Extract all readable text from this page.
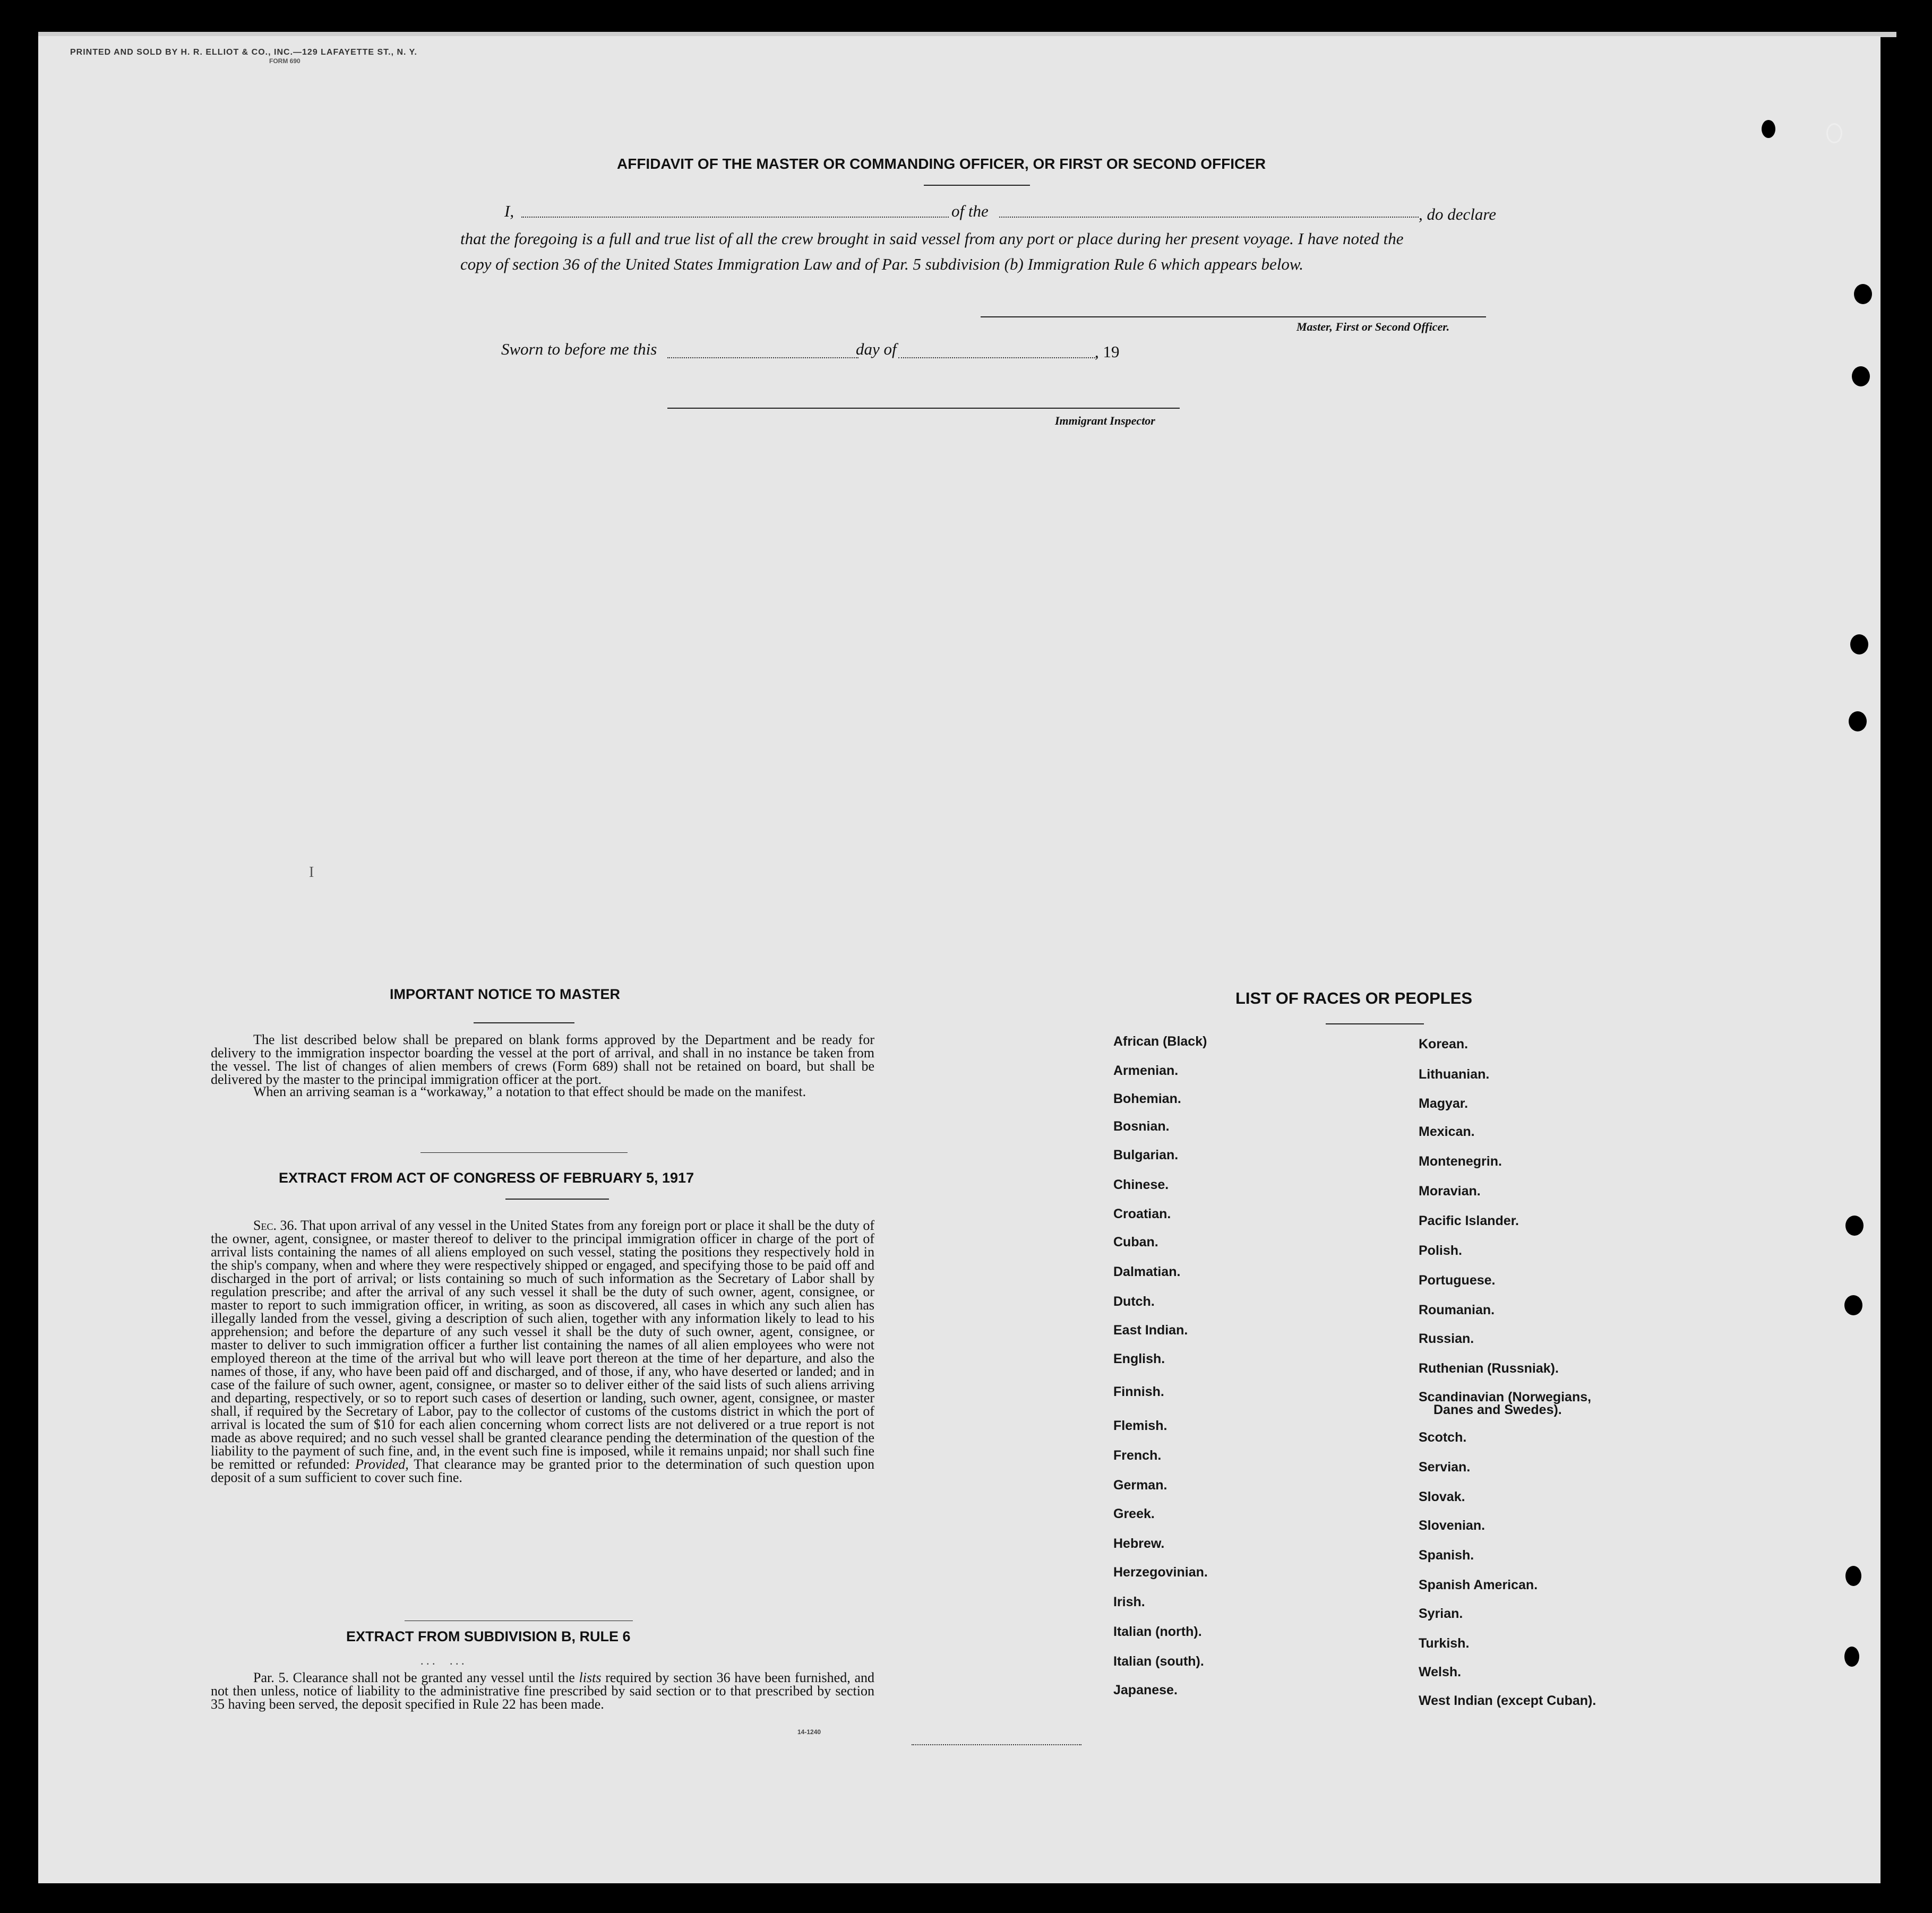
PRINTED AND SOLD BY H. R. ELLIOT & CO., INC.—129 LAFAYETTE ST., N. Y.
FORM 690
AFFIDAVIT OF THE MASTER OR COMMANDING OFFICER, OR FIRST OR SECOND OFFICER
I,	of the	, do declare
that the foregoing is a full and true list of all the crew brought in said vessel from any port or place during her present voyage. I have noted the
copy of section 36 of the United States Immigration Law and of Par. 5 subdivision (b) Immigration Rule 6 which appears below.
Master, First or Second Officer.
Sworn to before me this	day of	, 19
Immigrant Inspector
I
IMPORTANT NOTICE TO MASTER
The list described below shall be prepared on blank forms approved by the Department and be ready for delivery to the immigration inspector boarding the vessel at the port of arrival, and shall in no instance be taken from the vessel. The list of changes of alien members of crews (Form 689) shall not be retained on board, but shall be delivered by the master to the principal immigration officer at the port.
When an arriving seaman is a “workaway,” a notation to that effect should be made on the manifest.
EXTRACT FROM ACT OF CONGRESS OF FEBRUARY 5, 1917
Sec. 36. That upon arrival of any vessel in the United States from any foreign port or place it shall be the duty of the owner, agent, consignee, or master thereof to deliver to the principal immigration officer in charge of the port of arrival lists containing the names of all aliens employed on such vessel, stating the positions they respectively hold in the ship's company, when and where they were respectively shipped or engaged, and specifying those to be paid off and discharged in the port of arrival; or lists containing so much of such information as the Secretary of Labor shall by regulation prescribe; and after the arrival of any such vessel it shall be the duty of such owner, agent, consignee, or master to report to such immigration officer, in writing, as soon as discovered, all cases in which any such alien has illegally landed from the vessel, giving a description of such alien, together with any information likely to lead to his apprehension; and before the departure of any such vessel it shall be the duty of such owner, agent, consignee, or master to deliver to such immigration officer a further list containing the names of all alien employees who were not employed thereon at the time of the arrival but who will leave port thereon at the time of her departure, and also the names of those, if any, who have been paid off and discharged, and of those, if any, who have deserted or landed; and in case of the failure of such owner, agent, consignee, or master so to deliver either of the said lists of such aliens arriving and departing, respectively, or so to report such cases of desertion or landing, such owner, agent, consignee, or master shall, if required by the Secretary of Labor, pay to the collector of customs of the customs district in which the port of arrival is located the sum of $10 for each alien concerning whom correct lists are not delivered or a true report is not made as above required; and no such vessel shall be granted clearance pending the determination of the question of the liability to the payment of such fine, and, in the event such fine is imposed, while it remains unpaid; nor shall such fine be remitted or refunded: Provided, That clearance may be granted prior to the determination of such question upon deposit of a sum sufficient to cover such fine.
EXTRACT FROM SUBDIVISION B, RULE 6
. . .     . . .
Par. 5. Clearance shall not be granted any vessel until the lists required by section 36 have been furnished, and not then unless, notice of liability to the administrative fine prescribed by said section or to that prescribed by section 35 having been served, the deposit specified in Rule 22 has been made.
14-1240
LIST OF RACES OR PEOPLES
African (Black)
Armenian.
Bohemian.
Bosnian.
Bulgarian.
Chinese.
Croatian.
Cuban.
Dalmatian.
Dutch.
East Indian.
English.
Finnish.
Flemish.
French.
German.
Greek.
Hebrew.
Herzegovinian.
Irish.
Italian (north).
Italian (south).
Japanese.
Korean.
Lithuanian.
Magyar.
Mexican.
Montenegrin.
Moravian.
Pacific Islander.
Polish.
Portuguese.
Roumanian.
Russian.
Ruthenian (Russniak).
Scandinavian (Norwegians,
Danes and Swedes).
Scotch.
Servian.
Slovak.
Slovenian.
Spanish.
Spanish American.
Syrian.
Turkish.
Welsh.
West Indian (except Cuban).
